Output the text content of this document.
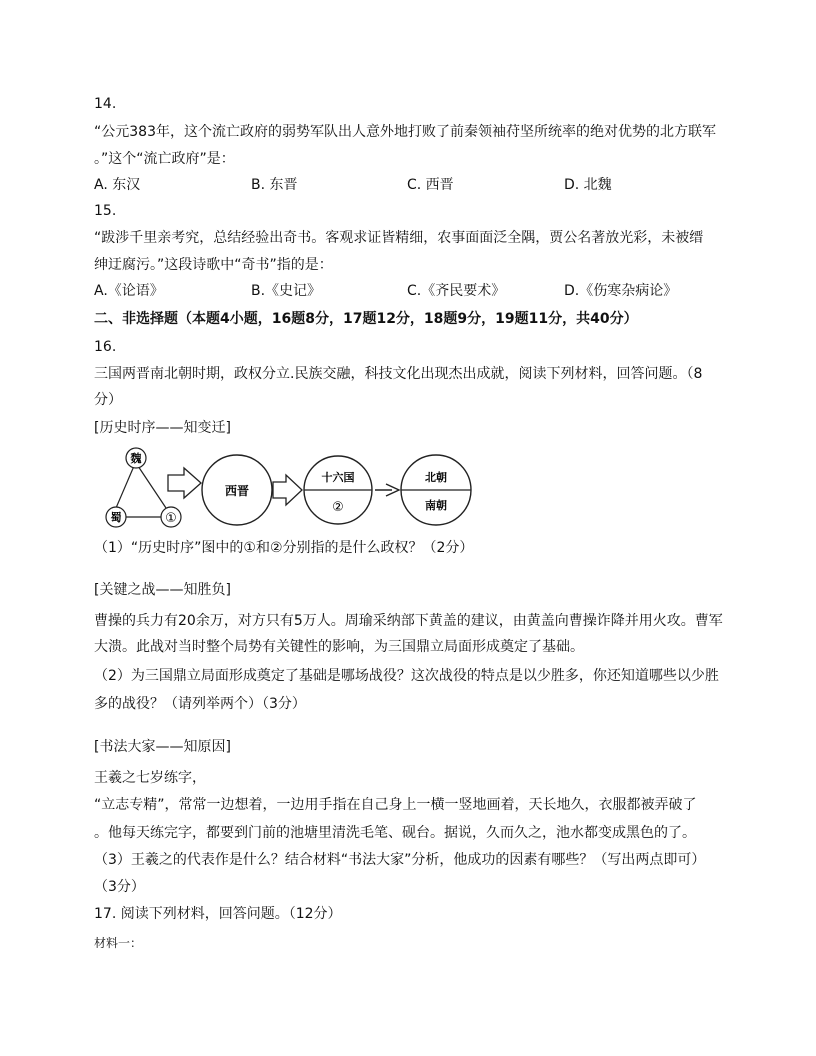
14.
“公元383年，这个流亡政府的弱势军队出人意外地打败了前秦领袖苻坚所统率的绝对优势的北方联军
。”这个“流亡政府”是：
A. 东汉	B. 东晋	C. 西晋	D. 北魏
15.
“跋涉千里亲考究，总结经验出奇书。客观求证皆精细，农事面面泛全隅，贾公名著放光彩，未被缙
绅迂腐污。”这段诗歌中“奇书”指的是：
A.《论语》	B.《史记》	C.《齐民要术》	D.《伤寒杂病论》
二、非选择题（本题4小题，16题8分，17题12分，18题9分，19题11分，共40分）
16.
三国两晋南北朝时期，政权分立.民族交融，科技文化出现杰出成就，阅读下列材料，回答问题。（8
分）
[历史时序——知变迁]
魏
蜀	①
西晋
十六国
②
北朝
南朝
（1）“历史时序”图中的①和②分别指的是什么政权？（2分）
[关键之战——知胜负]
曹操的兵力有20余万，对方只有5万人。周瑜采纳部下黄盖的建议，由黄盖向曹操诈降并用火攻。曹军
大溃。此战对当时整个局势有关键性的影响，为三国鼎立局面形成奠定了基础。
（2）为三国鼎立局面形成奠定了基础是哪场战役？这次战役的特点是以少胜多，你还知道哪些以少胜
多的战役？（请列举两个）（3分）
[书法大家——知原因]
王羲之七岁练字，
“立志专精”，常常一边想着，一边用手指在自己身上一横一竖地画着，天长地久，衣服都被弄破了
。他每天练完字，都要到门前的池塘里清洗毛笔、砚台。据说，久而久之，池水都变成黑色的了。
（3）王羲之的代表作是什么？结合材料“书法大家”分析，他成功的因素有哪些？（写出两点即可）
（3分）
17. 阅读下列材料，回答问题。（12分）
材料一：
